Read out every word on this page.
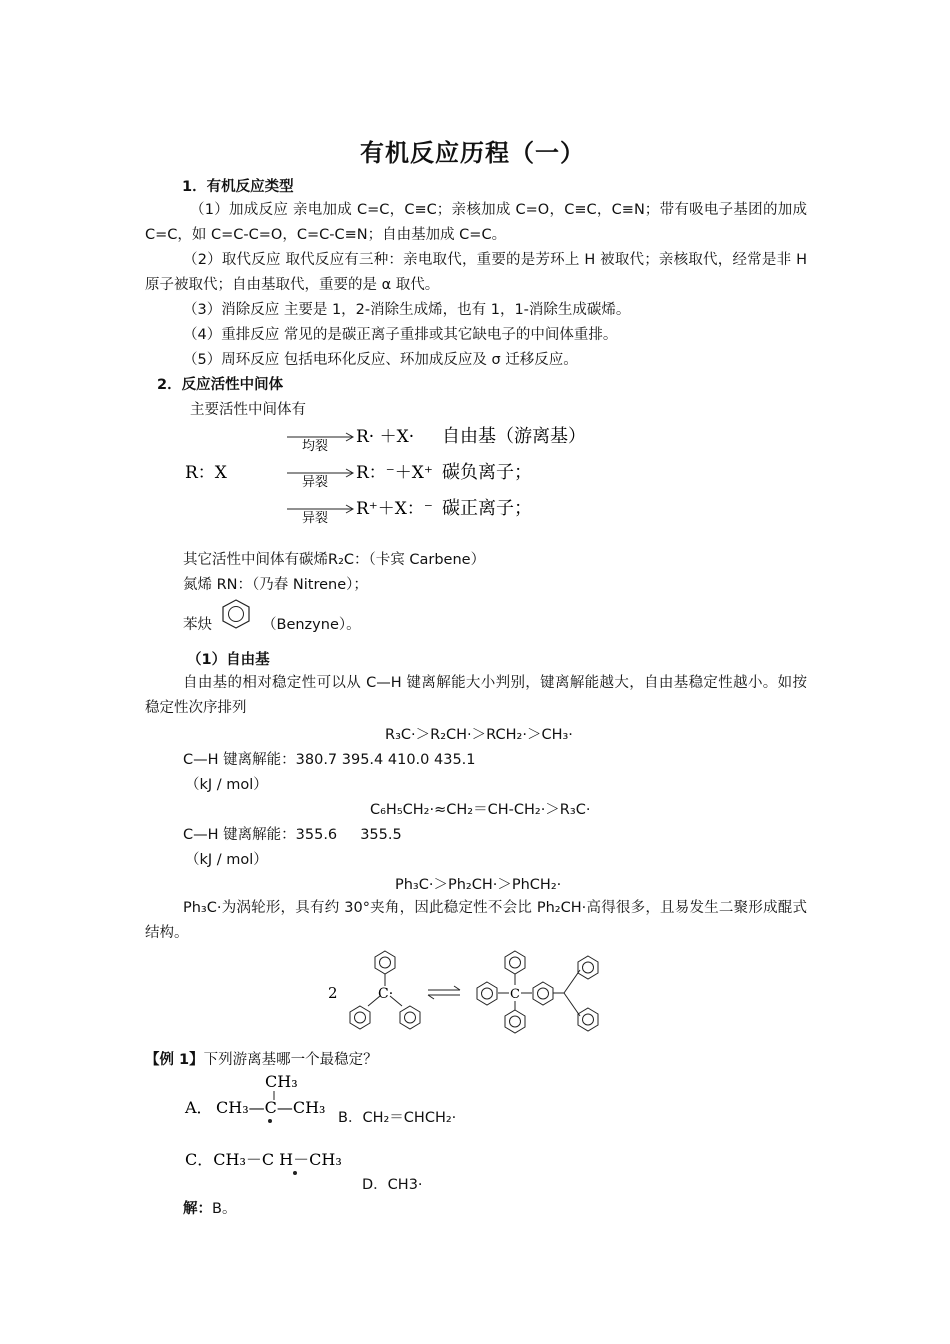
有机反应历程（一）
1．有机反应类型
（1）加成反应 亲电加成 C=C，C≡C；亲核加成 C=O，C≡C，C≡N；带有吸电子基团的加成 C=C，如 C=C-C=O，C=C-C≡N；自由基加成 C=C。
（2）取代反应 取代反应有三种：亲电取代，重要的是芳环上 H 被取代；亲核取代，经常是非 H 原子被取代；自由基取代，重要的是 α 取代。
（3）消除反应 主要是 1，2-消除生成烯，也有 1，1-消除生成碳烯。
（4）重排反应 常见的是碳正离子重排或其它缺电子的中间体重排。
（5）周环反应 包括电环化反应、环加成反应及 σ 迁移反应。
2．反应活性中间体
主要活性中间体有
R：X
均裂 R· ＋X· 自由基（游离基）
异裂 R：⁻＋X⁺ 碳负离子；
异裂 R⁺＋X：⁻ 碳正离子；
其它活性中间体有碳烯R₂C：（卡宾 Carbene）
氮烯 RN：（乃春 Nitrene）；
苯炔	（Benzyne）。
（1）自由基
自由基的相对稳定性可以从 C—H 键离解能大小判别，键离解能越大，自由基稳定性越小。如按稳定性次序排列
R₃C·＞R₂CH·＞RCH₂·＞CH₃·
C—H 键离解能：380.7 395.4 410.0 435.1
（kJ / mol）
C₆H₅CH₂·≈CH₂＝CH-CH₂·＞R₃C·
C—H 键离解能：355.6     355.5
（kJ / mol）
Ph₃C·＞Ph₂CH·＞PhCH₂·
Ph₃C·为涡轮形，具有约 30°夹角，因此稳定性不会比 Ph₂CH·高得很多，且易发生二聚形成醌式结构。
2	C·	C
【例 1】下列游离基哪一个最稳定？
A．
CH₃
CH₃—C—CH₃
B．CH₂＝CHCH₂·
C．CH₃－C H－CH₃
D．CH3·
解：B。
